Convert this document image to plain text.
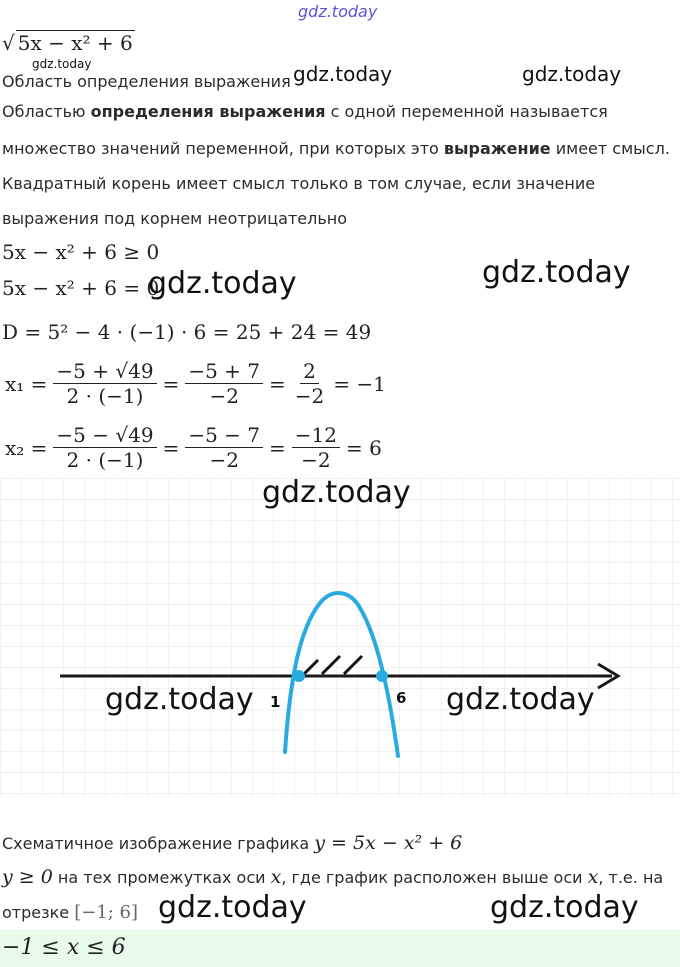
gdz.today
√ 5x − x² + 6
gdz.today
Область определения выражения gdz.today	gdz.today
Областью определения выражения с одной переменной называется
множество значений переменной, при которых это выражение имеет смысл.
Квадратный корень имеет смысл только в том случае, если значение
выражения под корнем неотрицательно
5x − x² + 6 ≥ 0
5x − x² + 6 = 0
gdz.today	gdz.today
D = 5² − 4 · (−1) · 6 = 25 + 24 = 49
$x_1 = \frac{-5 + √49}{2 \cdot (-1)} = \frac{-5 + 7}{-2} = \frac{2}{-2} = -1$
$x_2 = \frac{-5 - √49}{2 \cdot (-1)} = \frac{-5 - 7}{-2} = \frac{-12}{-2} = 6$
1	6
gdz.today
gdz.today	gdz.today
Схематичное изображение графика y = 5x − x² + 6
y ≥ 0 на тех промежутках оси x, где график расположен выше оси x, т.е. на
отрезке [−1; 6] gdz.today	gdz.today
−1 ≤ x ≤ 6
